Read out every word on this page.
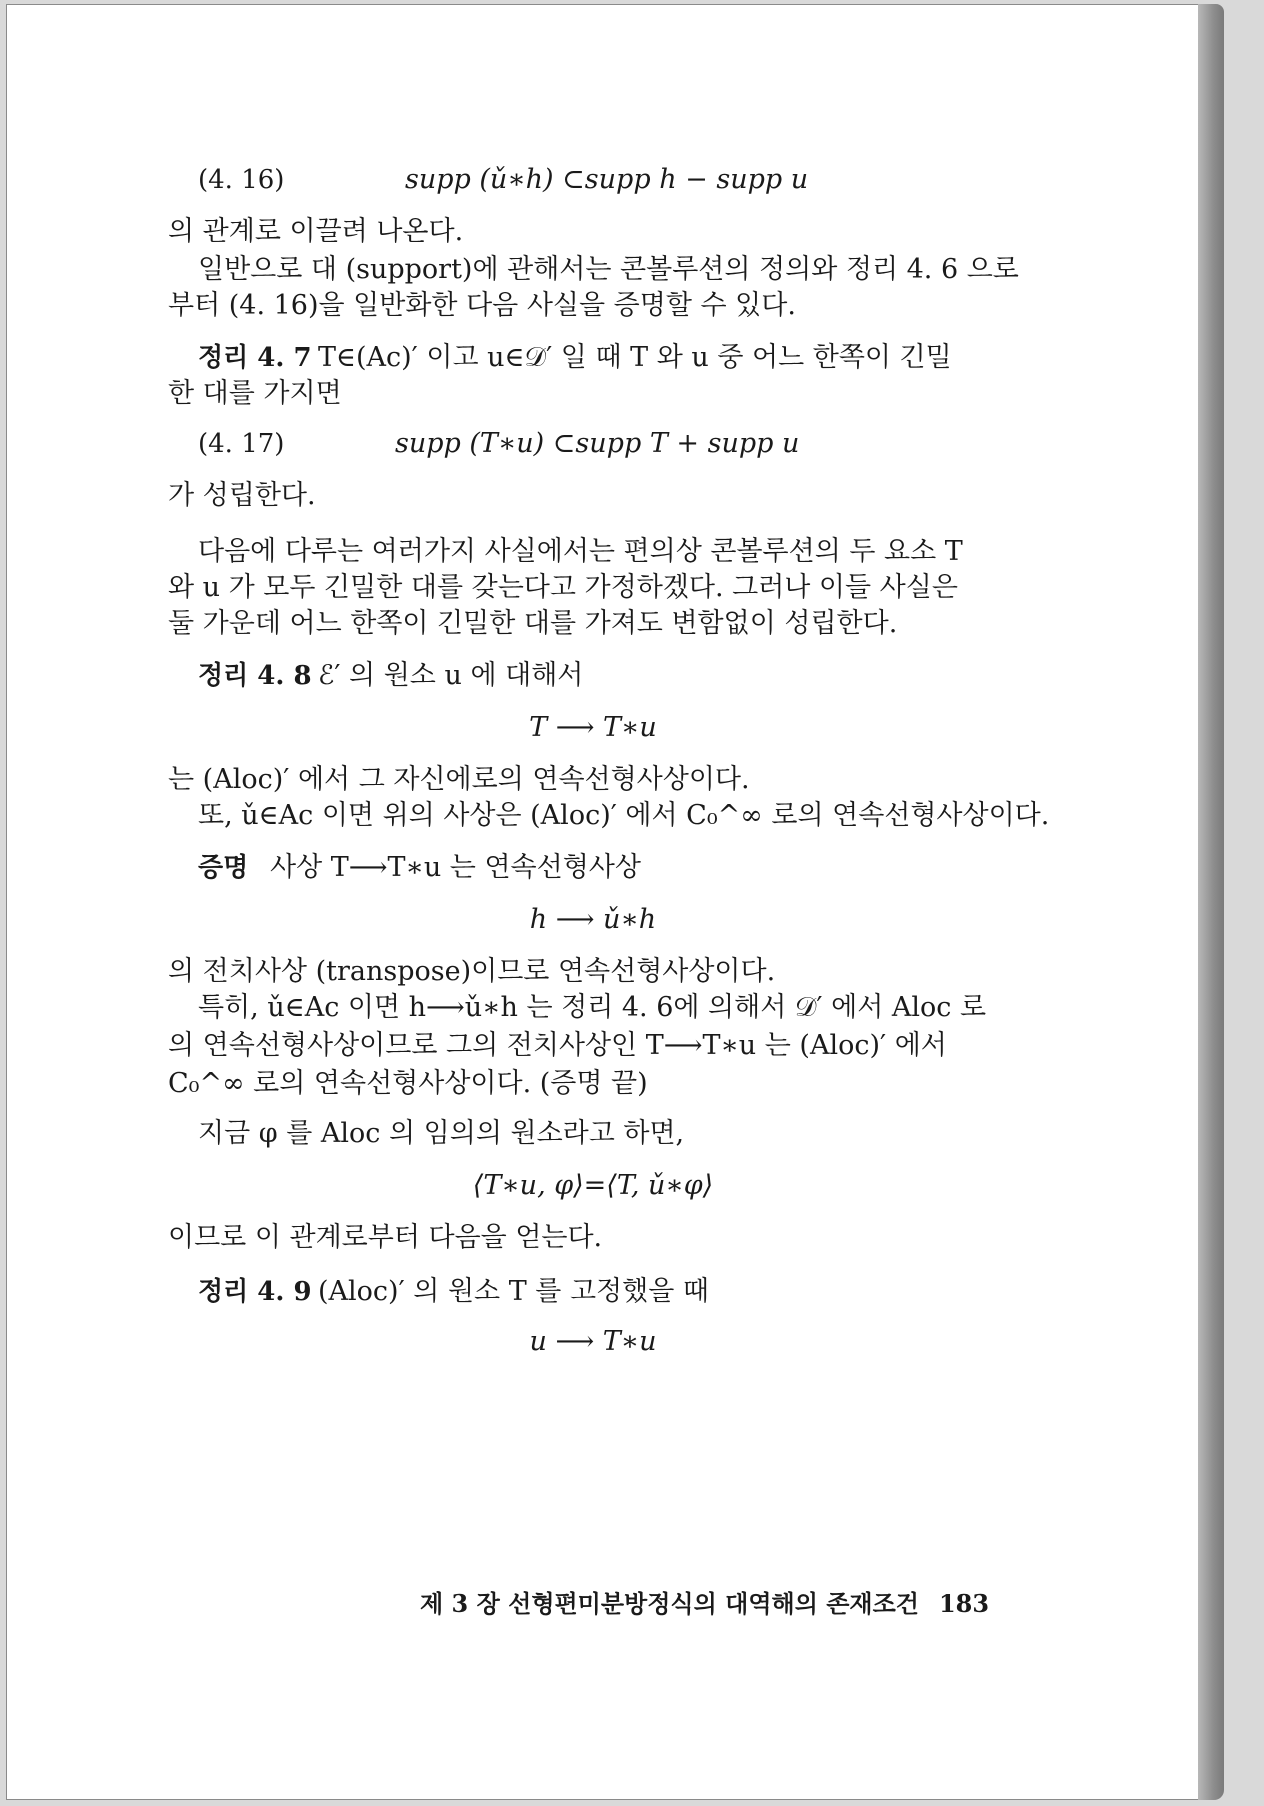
(4. 16)	supp (ǔ∗h) ⊂supp h − supp u
의 관계로 이끌려 나온다.
일반으로 대 (support)에 관해서는 콘볼루션의 정의와 정리 4. 6 으로
부터 (4. 16)을 일반화한 다음 사실을 증명할 수 있다.
정리 4. 7 T∈(Ac)′ 이고 u∈𝒟′ 일 때 T 와 u 중 어느 한쪽이 긴밀
한 대를 가지면
(4. 17)	supp (T∗u) ⊂supp T + supp u
가 성립한다.
다음에 다루는 여러가지 사실에서는 편의상 콘볼루션의 두 요소 T
와 u 가 모두 긴밀한 대를 갖는다고 가정하겠다. 그러나 이들 사실은
둘 가운데 어느 한쪽이 긴밀한 대를 가져도 변함없이 성립한다.
정리 4. 8 ℰ′ 의 원소 u 에 대해서
T ⟶ T∗u
는 (Aloc)′ 에서 그 자신에로의 연속선형사상이다.
또, ǔ∈Ac 이면 위의 사상은 (Aloc)′ 에서 C₀^∞ 로의 연속선형사상이다.
증명 사상 T⟶T∗u 는 연속선형사상
h ⟶ ǔ∗h
의 전치사상 (transpose)이므로 연속선형사상이다.
특히, ǔ∈Ac 이면 h⟶ǔ∗h 는 정리 4. 6에 의해서 𝒟′ 에서 Aloc 로
의 연속선형사상이므로 그의 전치사상인 T⟶T∗u 는 (Aloc)′ 에서
C₀^∞ 로의 연속선형사상이다. (증명 끝)
지금 φ 를 Aloc 의 임의의 원소라고 하면,
⟨T∗u, φ⟩=⟨T, ǔ∗φ⟩
이므로 이 관계로부터 다음을 얻는다.
정리 4. 9 (Aloc)′ 의 원소 T 를 고정했을 때
u ⟶ T∗u
제 3 장 선형편미분방정식의 대역해의 존재조건 183
